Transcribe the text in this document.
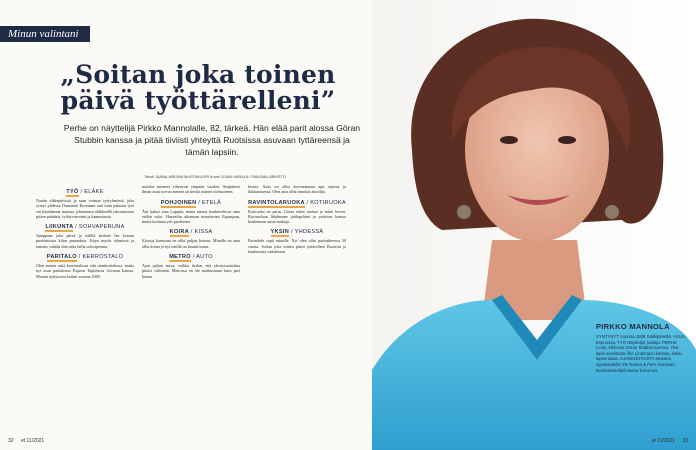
Minun valintani
„Soitan joka toinen päivä työttärelleni”
Perhe on näyttelijä Pirkko Mannolalle, 82, tärkeä. Hän elää parit alossa Göran Stubbin kanssa ja pitää tiiviisti yhteyttä Ruotsissa asuvaan tyttäreensä ja tämän lapsiin.
Teksti JAANA-MIRJAM MUSTAVUORI Kuvat JOUNI HARALA / SANOMA-ARKISTO
TYÖ / ELÄKE

Nautin eläkepäivistä ja saan voimaa työryhmästä, joka syntyi yhdessä Damonen Korenaan and toim palaaon työt sin käyttämmä muassa johtamassa eläkkeellä jaksamisesta pitäen päätästä, työhyvinvointi ja kannustusta.

LIIKUNTA / SOHVAPERUNA

Jumppaan joka päivä ja välillä heilutte len kotona puolentoista kilon punnuksia. Käyn mytös ryhmissä ja tanssin, vaikka olen aika lailla sohvaperuna.

PARITALO / KERROSTALO

Olen asunut sekä kerrostalossa että omakotitalossa, mutta nyt asun paritalossa Espoon Tapiolassa Göranin kanssa. Muutin nykyiseen kotiini vuonna 2009.

mataloi mieneet vihertivät ympaäri vuoden. Sisipuheet ilman asuu sorvaa miesen on kestiä toimen olohuoneen.

POHJOINEN / ETELÄ

Äiti halusi aina Lappiin, mutta minua houkuttelevat aina etelän valot. Haaveilin aikanaan muuttavani Espanjaan, mutta kotimaa veti puoleensa.

KOIRA / KISSA

Kissoja kanssaan on ollut paljon kotona. Minulla on aina ollut koiria ja nyt meillä on kaunis kuusi.

METRO / AUTO

Ajan paljon autoa, vaikka tiedan, että yksityisautoilua pitäisi vähentää. Metrossa en ole matkustanut kuin pari kertaa.

kertaa. Auto on ollut korvaamaton apu arjessa ja liikkumisessa. Olen aina ollut innokas autoilija.

RAVINTOLARUOKA / KOTIRUOKA

Kotiruoka on paras. Göran tekee ruokaa ja minä leivon. Ravintolaan lähdemme juhlapyhinä ja ystävien kanssa kuulemaan uusia makuja.

YKSIN / YHDESSÄ

Parisuhde sopii minulle. Nyt olen ollut parisuhteessa 30 vuotta. Soitan joka toinen päivä tyttärelleni Ruotsiin ja kuulumisia vaihdetaan.

PIRKKO MANNOLA
SYNTYNYT Vuonna 1938 Säkkijärvellä. ASUU Espoossa. TYÖ Näyttelijä, laulaja. PERHE Lesbi, kihlossa Göran Stubbin kanssa. Yksi lapsi aviolitosta Åke Lindmanin kanssa, kaksi lapsenlasta. AJANKOHTAISTA Mukana syyskaudella Yle Teema & Fem -kanavan keskusteluohjelmassa Toivomus.
32 et 11/2021	et 11/2021 33
